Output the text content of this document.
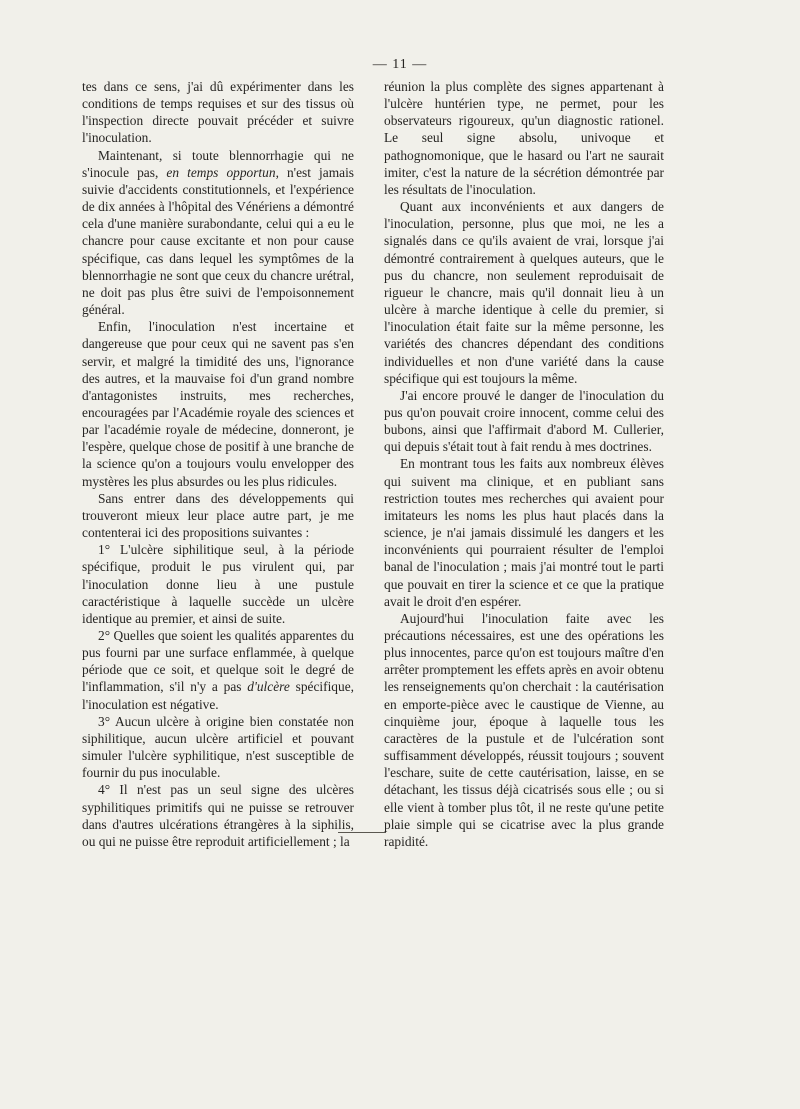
— 11 —

tes dans ce sens, j'ai dû expérimenter dans les conditions de temps requises et sur des tissus où l'inspection directe pouvait précéder et suivre l'inoculation.

Maintenant, si toute blennorrhagie qui ne s'inocule pas, en temps opportun, n'est jamais suivie d'accidents constitutionnels, et l'expérience de dix années à l'hôpital des Vénériens a démontré cela d'une manière surabondante, celui qui a eu le chancre pour cause excitante et non pour cause spécifique, cas dans lequel les symptômes de la blennorrhagie ne sont que ceux du chancre urétral, ne doit pas plus être suivi de l'empoisonnement général.

Enfin, l'inoculation n'est incertaine et dangereuse que pour ceux qui ne savent pas s'en servir, et malgré la timidité des uns, l'ignorance des autres, et la mauvaise foi d'un grand nombre d'antagonistes instruits, mes recherches, encouragées par l'Académie royale des sciences et par l'académie royale de médecine, donneront, je l'espère, quelque chose de positif à une branche de la science qu'on a toujours voulu envelopper des mystères les plus absurdes ou les plus ridicules.

Sans entrer dans des développements qui trouveront mieux leur place autre part, je me contenterai ici des propositions suivantes :

1° L'ulcère siphilitique seul, à la période spécifique, produit le pus virulent qui, par l'inoculation donne lieu à une pustule caractéristique à laquelle succède un ulcère identique au premier, et ainsi de suite.

2° Quelles que soient les qualités apparentes du pus fourni par une surface enflammée, à quelque période que ce soit, et quelque soit le degré de l'inflammation, s'il n'y a pas d'ulcère spécifique, l'inoculation est négative.

3° Aucun ulcère à origine bien constatée non siphilitique, aucun ulcère artificiel et pouvant simuler l'ulcère syphilitique, n'est susceptible de fournir du pus inoculable.

4° Il n'est pas un seul signe des ulcères syphilitiques primitifs qui ne puisse se retrouver dans d'autres ulcérations étrangères à la siphilis, ou qui ne puisse être reproduit artificiellement ; la

réunion la plus complète des signes appartenant à l'ulcère huntérien type, ne permet, pour les observateurs rigoureux, qu'un diagnostic rationel. Le seul signe absolu, univoque et pathognomonique, que le hasard ou l'art ne saurait imiter, c'est la nature de la sécrétion démontrée par les résultats de l'inoculation.

Quant aux inconvénients et aux dangers de l'inoculation, personne, plus que moi, ne les a signalés dans ce qu'ils avaient de vrai, lorsque j'ai démontré contrairement à quelques auteurs, que le pus du chancre, non seulement reproduisait de rigueur le chancre, mais qu'il donnait lieu à un ulcère à marche identique à celle du premier, si l'inoculation était faite sur la même personne, les variétés des chancres dépendant des conditions individuelles et non d'une variété dans la cause spécifique qui est toujours la même.

J'ai encore prouvé le danger de l'inoculation du pus qu'on pouvait croire innocent, comme celui des bubons, ainsi que l'affirmait d'abord M. Cullerier, qui depuis s'était tout à fait rendu à mes doctrines.

En montrant tous les faits aux nombreux élèves qui suivent ma clinique, et en publiant sans restriction toutes mes recherches qui avaient pour imitateurs les noms les plus haut placés dans la science, je n'ai jamais dissimulé les dangers et les inconvénients qui pourraient résulter de l'emploi banal de l'inoculation ; mais j'ai montré tout le parti que pouvait en tirer la science et ce que la pratique avait le droit d'en espérer.

Aujourd'hui l'inoculation faite avec les précautions nécessaires, est une des opérations les plus innocentes, parce qu'on est toujours maître d'en arrêter promptement les effets après en avoir obtenu les renseignements qu'on cherchait : la cautérisation en emporte-pièce avec le caustique de Vienne, au cinquième jour, époque à laquelle tous les caractères de la pustule et de l'ulcération sont suffisamment développés, réussit toujours ; souvent l'eschare, suite de cette cautérisation, laisse, en se détachant, les tissus déjà cicatrisés sous elle ; ou si elle vient à tomber plus tôt, il ne reste qu'une petite plaie simple qui se cicatrise avec la plus grande rapidité.
